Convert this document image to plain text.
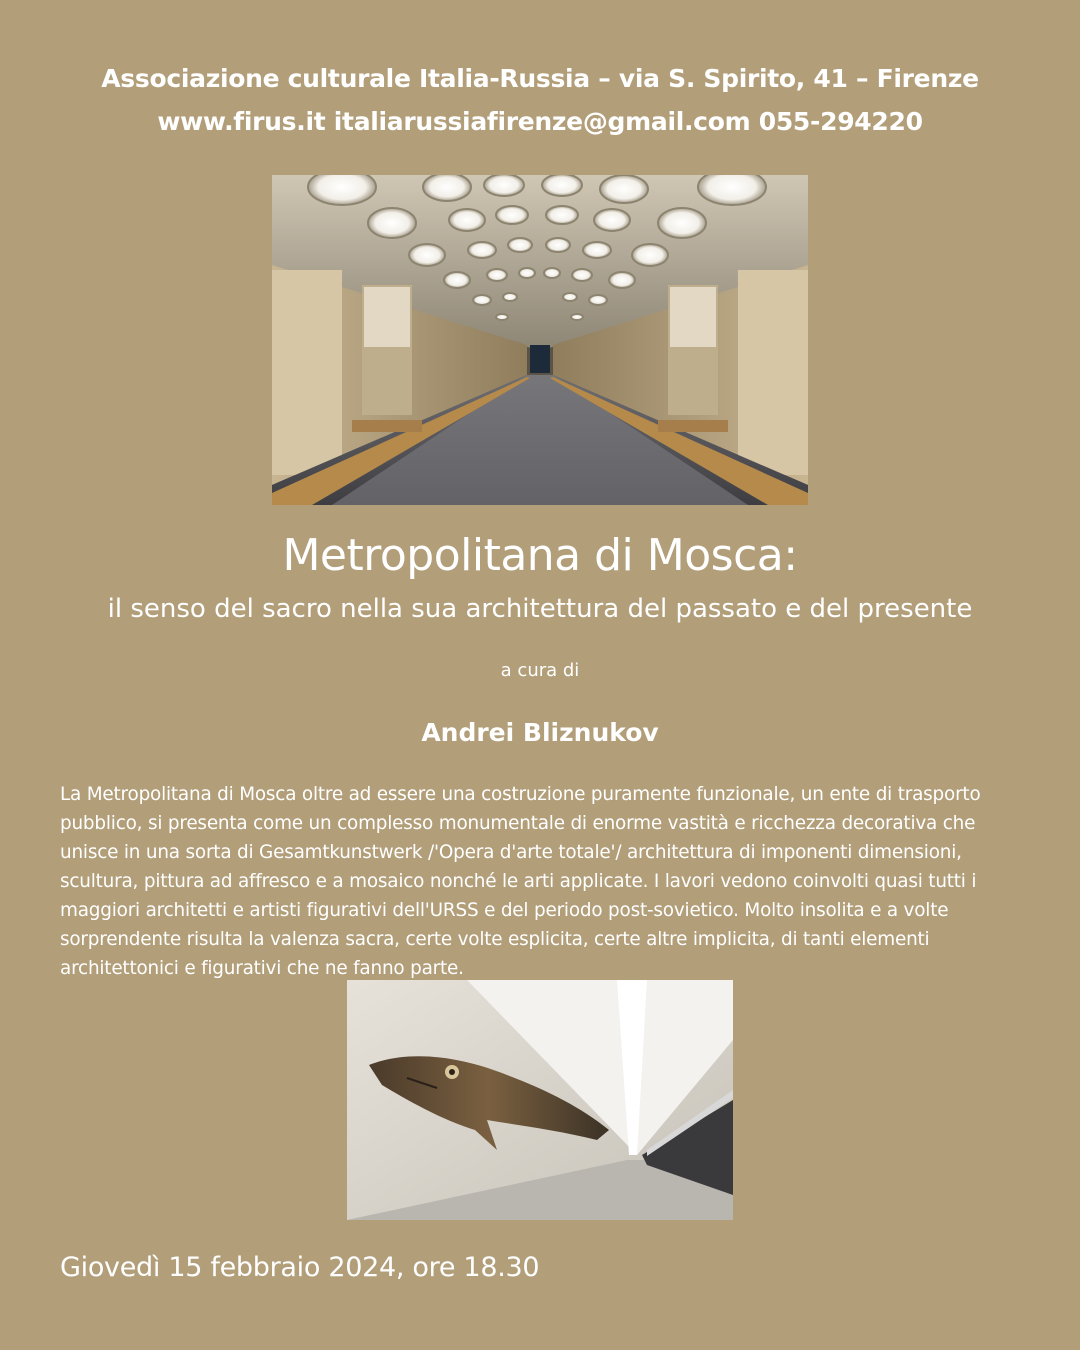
Associazione culturale Italia-Russia – via S. Spirito, 41 – Firenze
www.firus.it italiarussiafirenze@gmail.com 055-294220
Metropolitana di Mosca:
il senso del sacro nella sua architettura del passato e del presente
a cura di
Andrei Bliznukov
La Metropolitana di Mosca oltre ad essere una costruzione puramente funzionale, un ente di trasporto pubblico, si presenta come un complesso monumentale di enorme vastità e ricchezza decorativa che unisce in una sorta di Gesamtkunstwerk /'Opera d'arte totale'/ architettura di imponenti dimensioni, scultura, pittura ad affresco e a mosaico nonché le arti applicate. I lavori vedono coinvolti quasi tutti i maggiori architetti e artisti figurativi dell'URSS e del periodo post-sovietico. Molto insolita e a volte sorprendente risulta la valenza sacra, certe volte esplicita, certe altre implicita, di tanti elementi architettonici e figurativi che ne fanno parte.
Giovedì 15 febbraio 2024, ore 18.30
